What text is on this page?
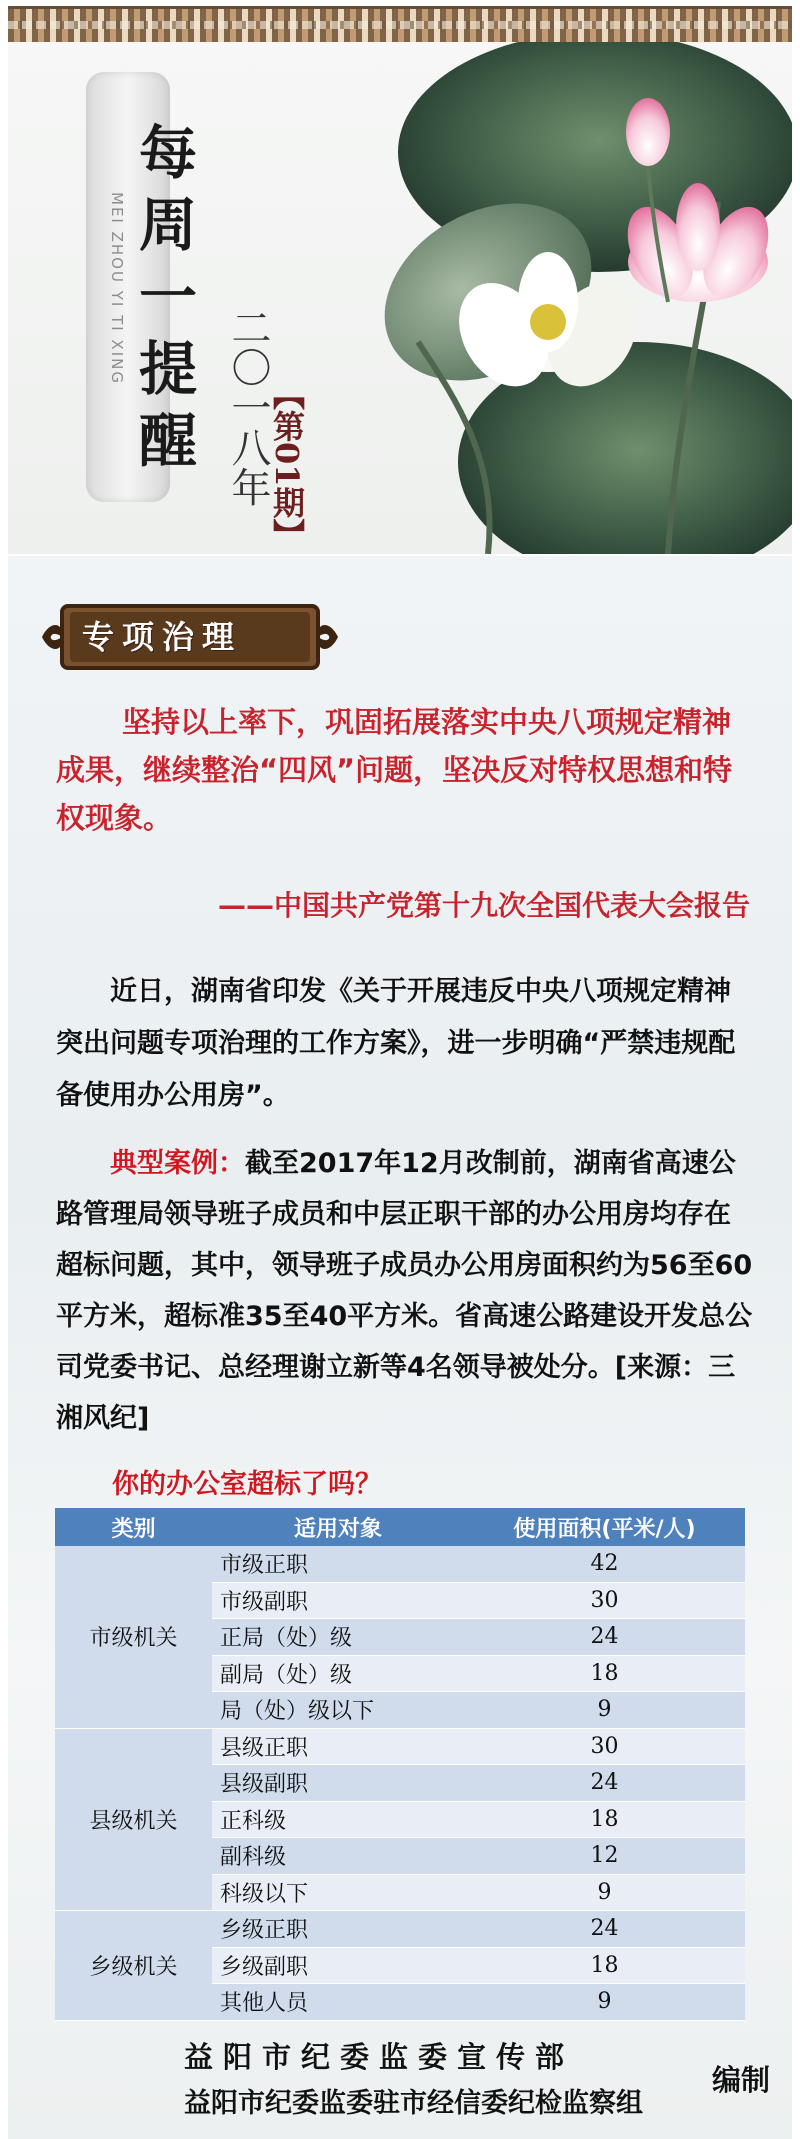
每周一提醒
MEI ZHOU YI TI XING
二〇一八年
【第01期】
专项治理
坚持以上率下，巩固拓展落实中央八项规定精神成果，继续整治“四风”问题，坚决反对特权思想和特权现象。
——中国共产党第十九次全国代表大会报告
近日，湖南省印发《关于开展违反中央八项规定精神突出问题专项治理的工作方案》，进一步明确“严禁违规配备使用办公用房”。
典型案例：截至2017年12月改制前，湖南省高速公路管理局领导班子成员和中层正职干部的办公用房均存在超标问题，其中，领导班子成员办公用房面积约为56至60平方米，超标准35至40平方米。省高速公路建设开发总公司党委书记、总经理谢立新等4名领导被处分。[来源：三湘风纪]
你的办公室超标了吗？
类别	适用对象	使用面积(平米/人)
市级机关	市级正职	42
	市级副职	30
	正局（处）级	24
	副局（处）级	18
	局（处）级以下	9
县级机关	县级正职	30
	县级副职	24
	正科级	18
	副科级	12
	科级以下	9
乡级机关	乡级正职	24
	乡级副职	18
	其他人员	9
益阳市纪委监委宣传部
益阳市纪委监委驻市经信委纪检监察组
编制
